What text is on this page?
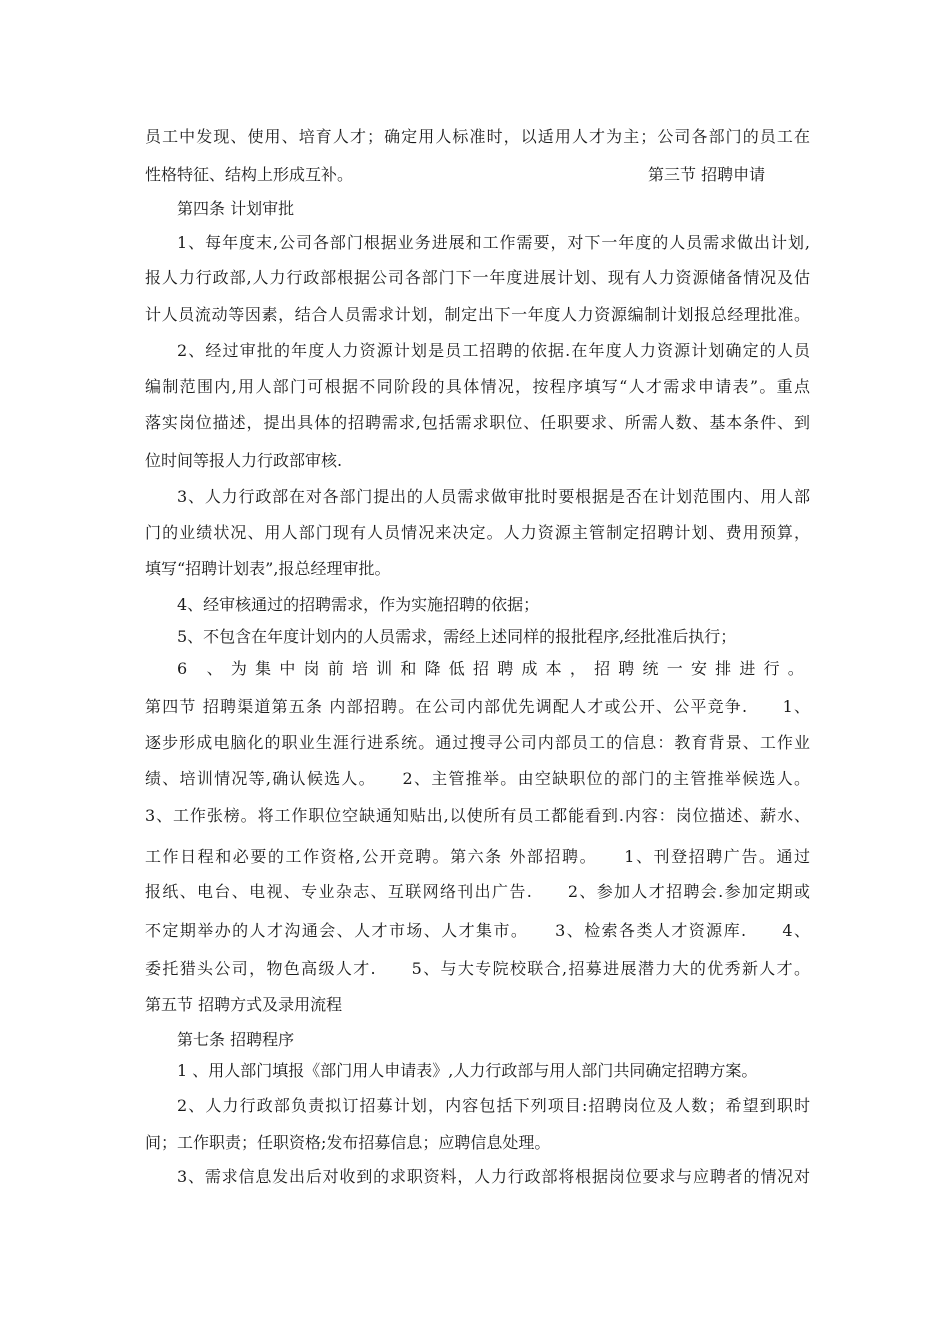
员工中发现、使用、培育人才；确定用人标准时，以适用人才为主；公司各部门的员工在
性格特征、结构上形成互补。	第三节 招聘申请
第四条 计划审批
1、每年度末,公司各部门根据业务进展和工作需要，对下一年度的人员需求做出计划,
报人力行政部,人力行政部根据公司各部门下一年度进展计划、现有人力资源储备情况及估
计人员流动等因素，结合人员需求计划，制定出下一年度人力资源编制计划报总经理批准。
2、经过审批的年度人力资源计划是员工招聘的依据.在年度人力资源计划确定的人员
编制范围内,用人部门可根据不同阶段的具体情况，按程序填写“人才需求申请表”。重点
落实岗位描述，提出具体的招聘需求,包括需求职位、任职要求、所需人数、基本条件、到
位时间等报人力行政部审核.
3、人力行政部在对各部门提出的人员需求做审批时要根据是否在计划范围内、用人部
门的业绩状况、用人部门现有人员情况来决定。人力资源主管制定招聘计划、费用预算，
填写“招聘计划表”,报总经理审批。
4、经审核通过的招聘需求，作为实施招聘的依据；
5、不包含在年度计划内的人员需求，需经上述同样的报批程序,经批准后执行；
6 、为集中岗前培训和降低招聘成本，招聘统一安排进行。
第四节 招聘渠道第五条 内部招聘。在公司内部优先调配人才或公开、公平竞争.　　1、
逐步形成电脑化的职业生涯行进系统。通过搜寻公司内部员工的信息：教育背景、工作业
绩、培训情况等,确认候选人。　　2、主管推举。由空缺职位的部门的主管推举候选人。
3、工作张榜。将工作职位空缺通知贴出,以使所有员工都能看到.内容：岗位描述、薪水、
工作日程和必要的工作资格,公开竞聘。第六条 外部招聘。　　1、刊登招聘广告。通过
报纸、电台、电视、专业杂志、互联网络刊出广告.　　2、参加人才招聘会.参加定期或
不定期举办的人才沟通会、人才市场、人才集市。　　3、检索各类人才资源库.　　4、
委托猎头公司，物色高级人才.　　5、与大专院校联合,招募进展潜力大的优秀新人才。
第五节 招聘方式及录用流程
第七条 招聘程序
1 、用人部门填报《部门用人申请表》,人力行政部与用人部门共同确定招聘方案。
2、人力行政部负责拟订招募计划，内容包括下列项目:招聘岗位及人数；希望到职时
间；工作职责；任职资格;发布招募信息；应聘信息处理。
3、需求信息发出后对收到的求职资料，人力行政部将根据岗位要求与应聘者的情况对
